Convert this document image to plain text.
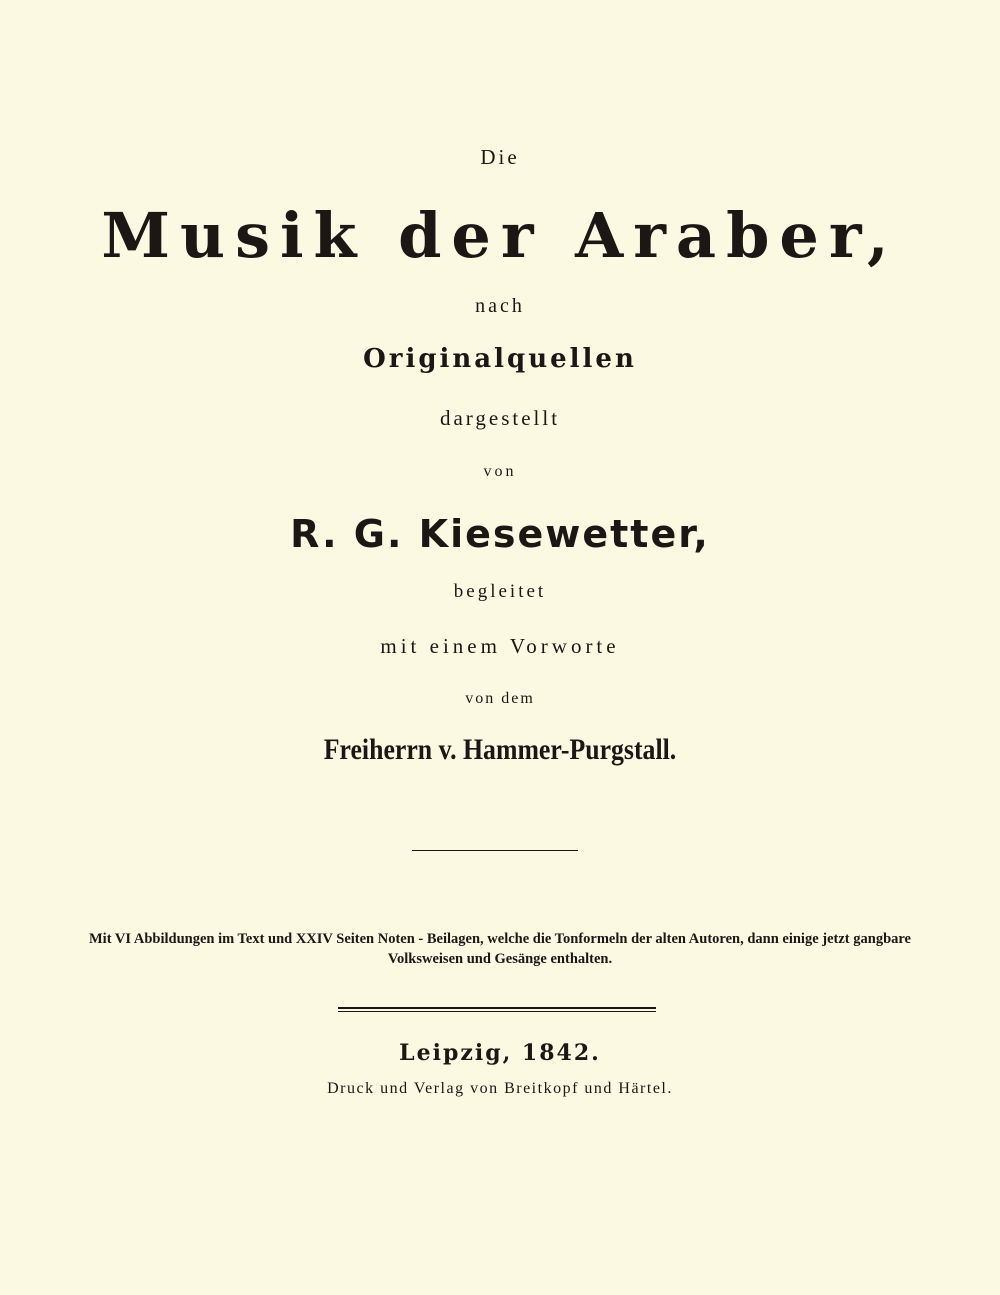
Die

Musik der Araber,

nach

Originalquellen

dargestellt

von

R. G. Kiesewetter,

begleitet

mit einem Vorworte

von dem

Freiherrn v. Hammer-Purgstall.

Mit VI Abbildungen im Text und XXIV Seiten Noten - Beilagen, welche die Tonformeln der alten Autoren, dann einige jetzt gangbare Volksweisen und Gesänge enthalten.

Leipzig, 1842.

Druck und Verlag von Breitkopf und Härtel.
